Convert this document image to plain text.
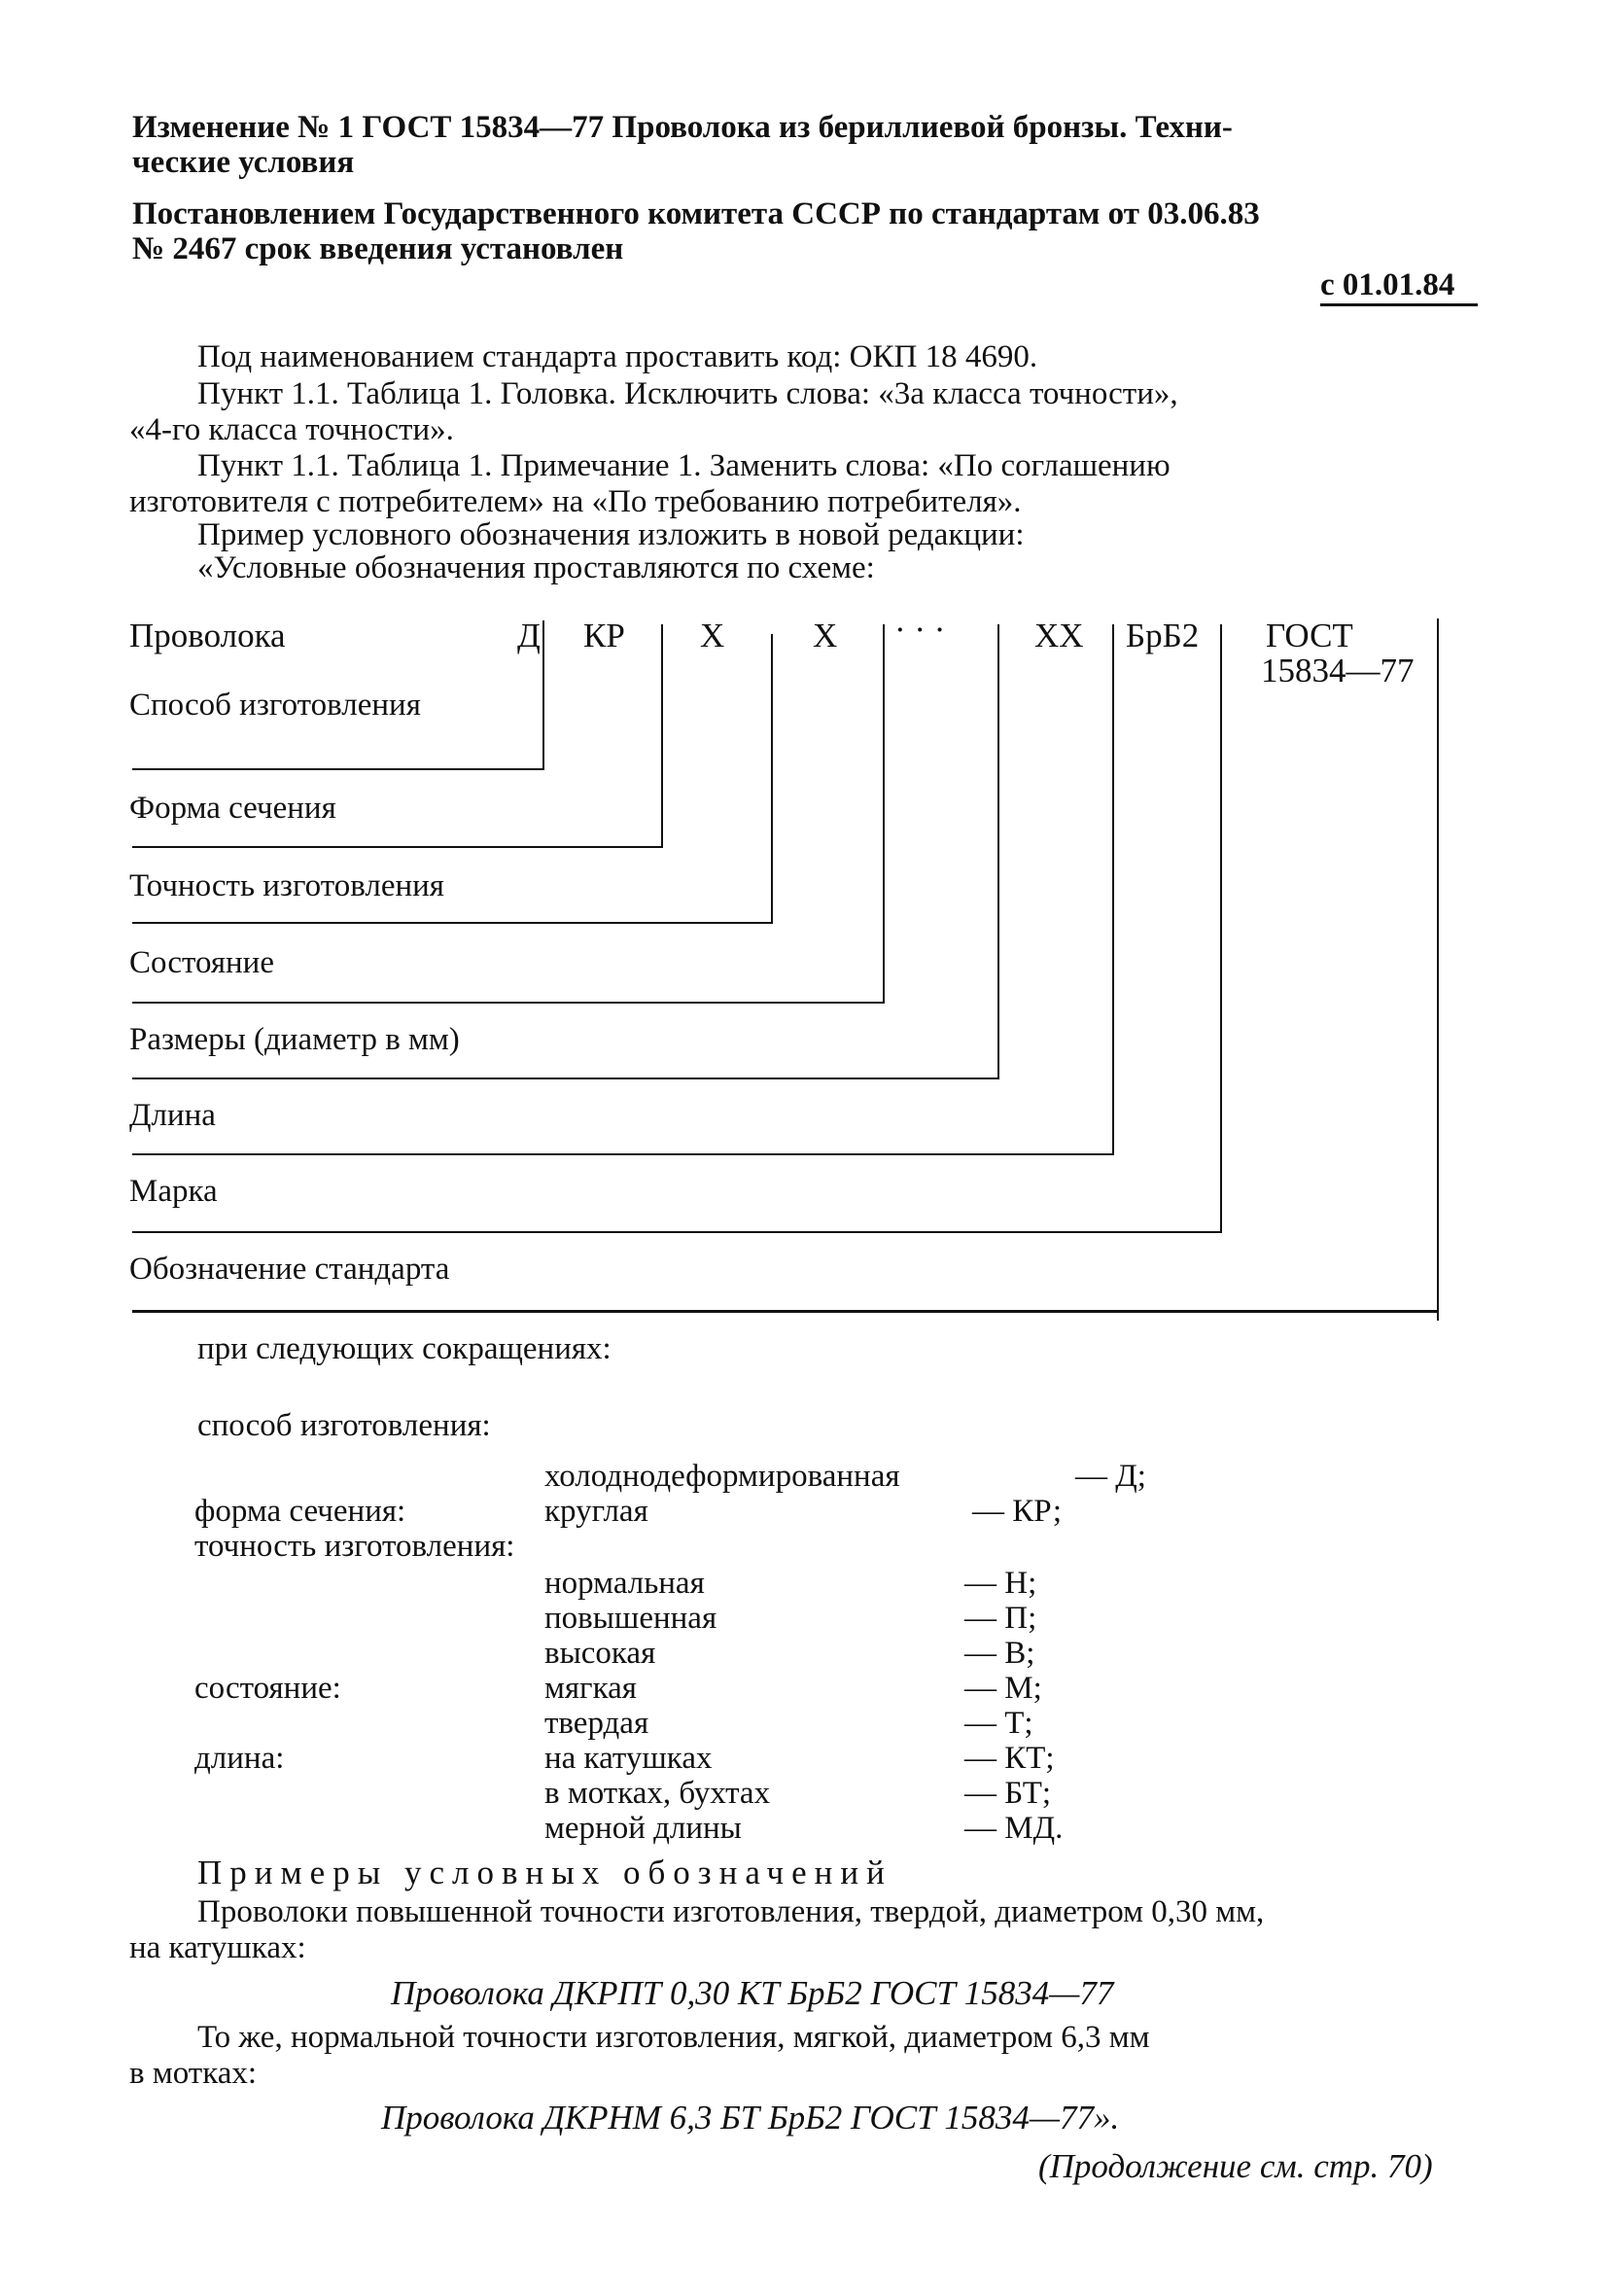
Изменение № 1 ГОСТ 15834—77 Проволока из бериллиевой бронзы. Техни-
ческие условия
Постановлением Государственного комитета СССР по стандартам от 03.06.83
№ 2467 срок введения установлен
с 01.01.84
Под наименованием стандарта проставить код: ОКП 18 4690.
Пункт 1.1. Таблица 1. Головка. Исключить слова: «3а класса точности»,
«4-го класса точности».
Пункт 1.1. Таблица 1. Примечание 1. Заменить слова: «По соглашению
изготовителя с потребителем» на «По требованию потребителя».
Пример условного обозначения изложить в новой редакции:
«Условные обозначения проставляются по схеме:
Проволока	Д КР Х	Х · · ·	ХХ БрБ2 ГОСТ
15834—77
Способ изготовления
Форма сечения
Точность изготовления
Состояние
Размеры (диаметр в мм)
Длина
Марка
Обозначение стандарта
при следующих сокращениях:
способ изготовления:
холоднодеформированная	— Д;
форма сечения:	круглая	— КР;
точность изготовления:
нормальная	— Н;
повышенная	— П;
высокая	— В;
состояние:	мягкая	— М;
твердая	— Т;
длина:	на катушках	— КТ;
в мотках, бухтах	— БТ;
мерной длины	— МД.
Примеры условных обозначений
Проволоки повышенной точности изготовления, твердой, диаметром 0,30 мм,
на катушках:
Проволока ДКРПТ 0,30 КТ БрБ2 ГОСТ 15834—77
То же, нормальной точности изготовления, мягкой, диаметром 6,3 мм
в мотках:
Проволока ДКРНМ 6,3 БТ БрБ2 ГОСТ 15834—77».
(Продолжение см. стр. 70)
